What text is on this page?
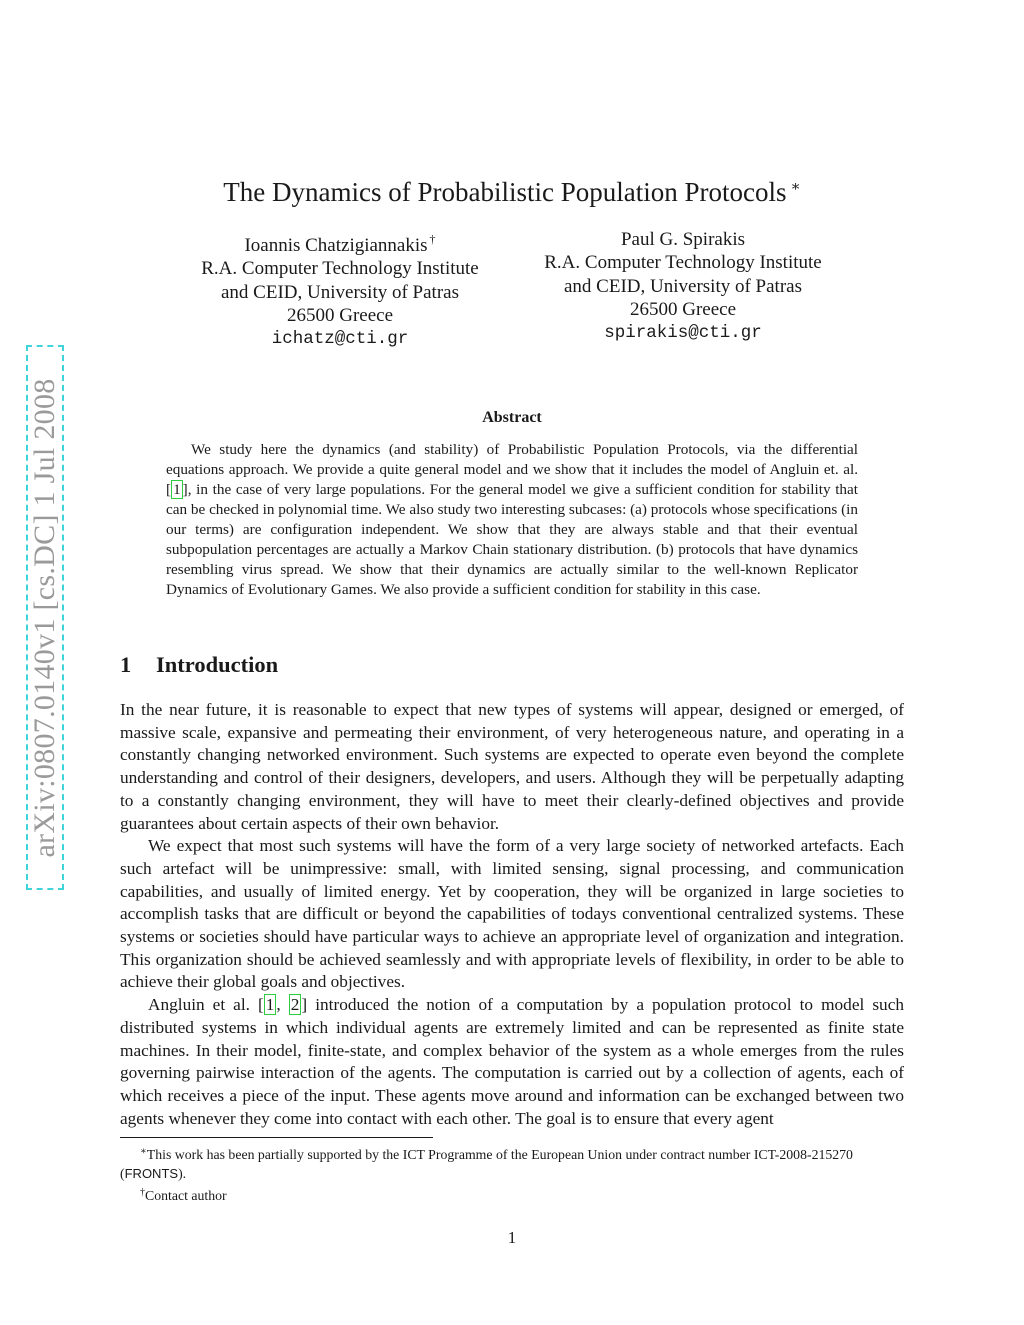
arXiv:0807.0140v1 [cs.DC] 1 Jul 2008
The Dynamics of Probabilistic Population Protocols ∗
Ioannis Chatzigiannakis †
R.A. Computer Technology Institute
and CEID, University of Patras
26500 Greece
ichatz@cti.gr
Paul G. Spirakis
R.A. Computer Technology Institute
and CEID, University of Patras
26500 Greece
spirakis@cti.gr
Abstract

We study here the dynamics (and stability) of Probabilistic Population Protocols, via the differential equations approach. We provide a quite general model and we show that it includes the model of Angluin et. al. [ 1 ], in the case of very large populations. For the general model we give a sufficient condition for stability that can be checked in polynomial time. We also study two interesting subcases: (a) protocols whose specifications (in our terms) are configuration independent. We show that they are always stable and that their eventual subpopulation percentages are actually a Markov Chain stationary distribution. (b) protocols that have dynamics resembling virus spread. We show that their dynamics are actually similar to the well-known Replicator Dynamics of Evolutionary Games. We also provide a sufficient condition for stability in this case.

1 Introduction

In the near future, it is reasonable to expect that new types of systems will appear, designed or emerged, of massive scale, expansive and permeating their environment, of very heterogeneous nature, and operating in a constantly changing networked environment. Such systems are expected to operate even beyond the complete understanding and control of their designers, developers, and users. Although they will be perpetually adapting to a constantly changing environment, they will have to meet their clearly-defined objectives and provide guarantees about certain aspects of their own behavior.

We expect that most such systems will have the form of a very large society of networked artefacts. Each such artefact will be unimpressive: small, with limited sensing, signal processing, and communication capabilities, and usually of limited energy. Yet by cooperation, they will be organized in large societies to accomplish tasks that are difficult or beyond the capabilities of todays conventional centralized systems. These systems or societies should have particular ways to achieve an appropriate level of organization and integration. This organization should be achieved seamlessly and with appropriate levels of flexibility, in order to be able to achieve their global goals and objectives.

Angluin et al. [ 1 , 2 ] introduced the notion of a computation by a population protocol to model such distributed systems in which individual agents are extremely limited and can be represented as finite state machines. In their model, finite-state, and complex behavior of the system as a whole emerges from the rules governing pairwise interaction of the agents. The computation is carried out by a collection of agents, each of which receives a piece of the input. These agents move around and information can be exchanged between two agents whenever they come into contact with each other. The goal is to ensure that every agent

∗This work has been partially supported by the ICT Programme of the European Union under contract number ICT-2008-215270
(FRONTS).

†Contact author

1
